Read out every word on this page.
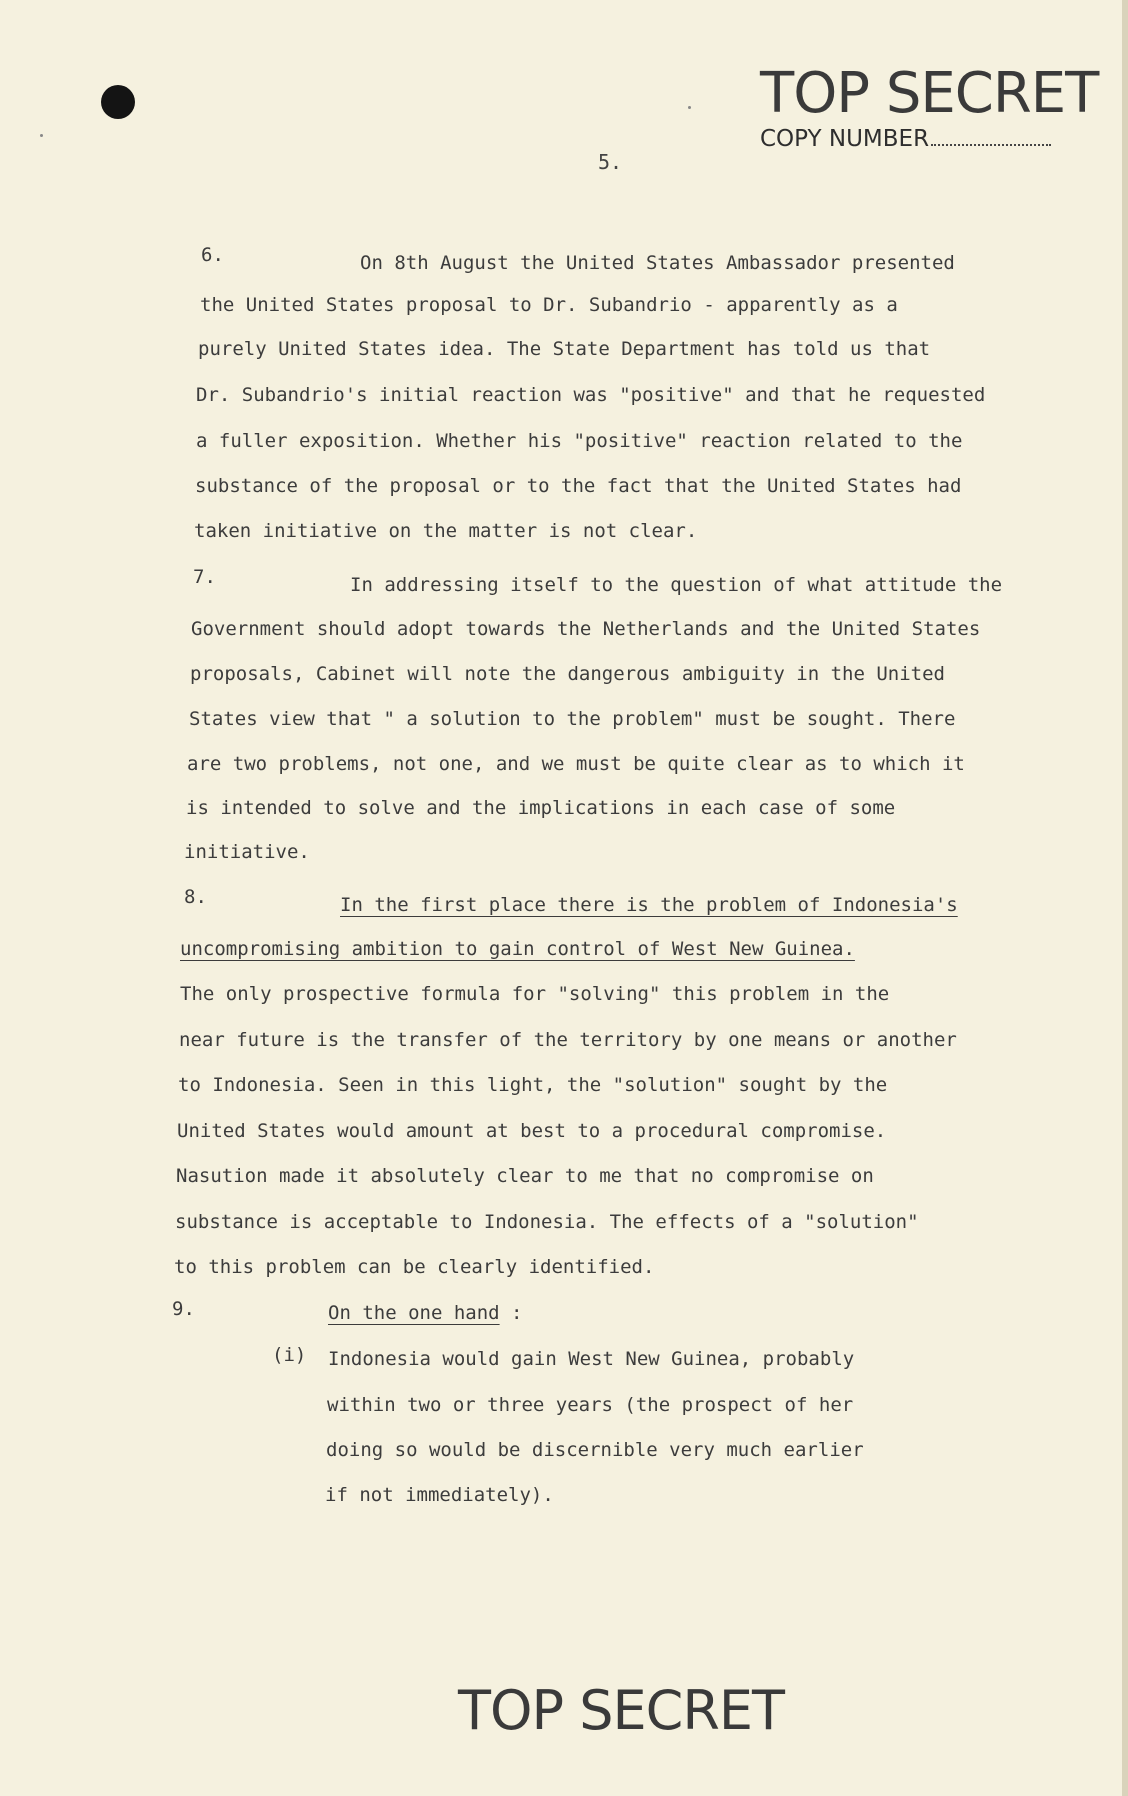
TOP SECRET
COPY NUMBER
5.

6.	On 8th August the United States Ambassador presented

the United States proposal to Dr. Subandrio - apparently as a

purely United States idea. The State Department has told us that

Dr. Subandrio's initial reaction was "positive" and that he requested

a fuller exposition. Whether his "positive" reaction related to the

substance of the proposal or to the fact that the United States had

taken initiative on the matter is not clear.

7.	In addressing itself to the question of what attitude the

Government should adopt towards the Netherlands and the United States

proposals, Cabinet will note the dangerous ambiguity in the United

States view that " a solution to the problem" must be sought. There

are two problems, not one, and we must be quite clear as to which it

is intended to solve and the implications in each case of some

initiative.

8.	In the first place there is the problem of Indonesia's

uncompromising ambition to gain control of West New Guinea.

The only prospective formula for "solving" this problem in the

near future is the transfer of the territory by one means or another

to Indonesia. Seen in this light, the "solution" sought by the

United States would amount at best to a procedural compromise.

Nasution made it absolutely clear to me that no compromise on

substance is acceptable to Indonesia. The effects of a "solution"

to this problem can be clearly identified.

9.	On the one hand :

(i) Indonesia would gain West New Guinea, probably

within two or three years (the prospect of her

doing so would be discernible very much earlier

if not immediately).

TOP SECRET
